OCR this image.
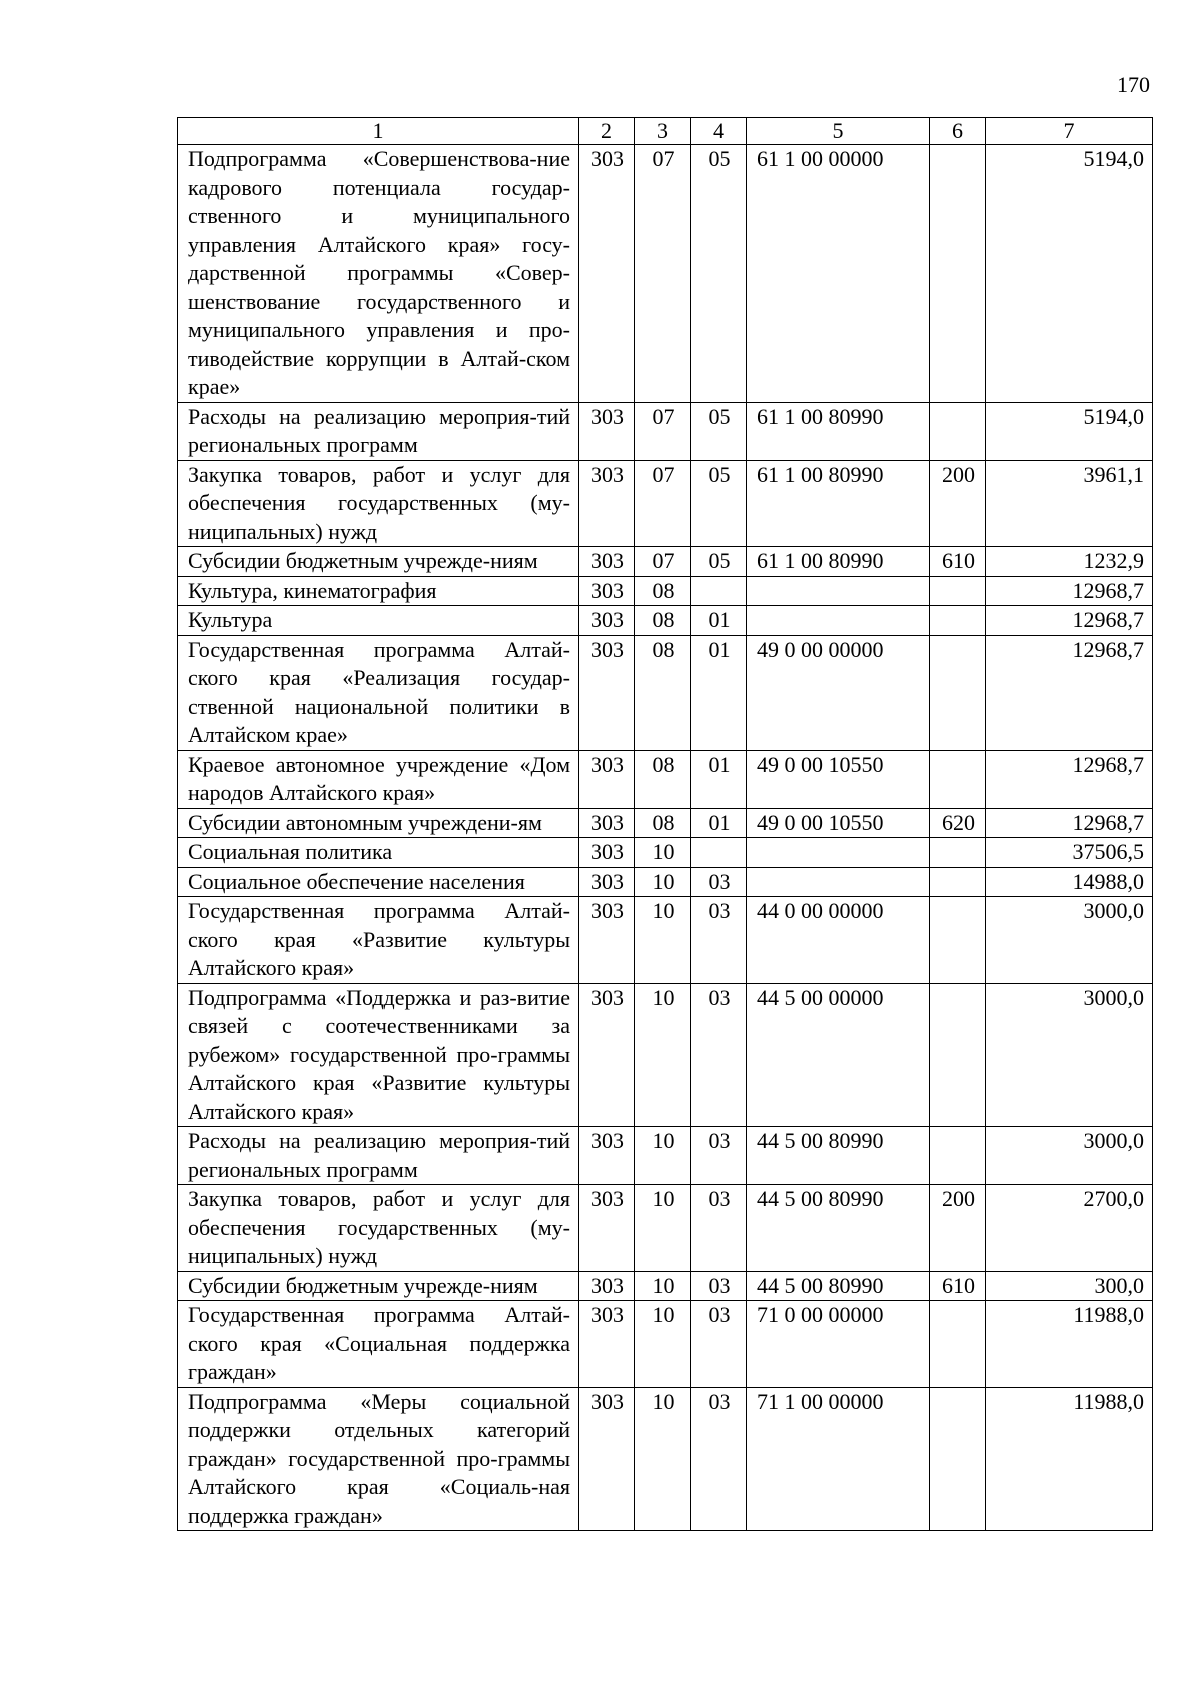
170
1	2	3	4	5	6	7
Подпрограмма «Совершенствова-ние кадрового потенциала государ-ственного и муниципального управления Алтайского края» госу-дарственной программы «Совер-шенствование государственного и муниципального управления и про-тиводействие коррупции в Алтай-ском крае»	303	07	05	61 1 00 00000		5194,0
Расходы на реализацию мероприя-тий региональных программ	303	07	05	61 1 00 80990		5194,0
Закупка товаров, работ и услуг для обеспечения государственных (му-ниципальных) нужд	303	07	05	61 1 00 80990	200	3961,1
Субсидии бюджетным учрежде-ниям	303	07	05	61 1 00 80990	610	1232,9
Культура, кинематография	303	08				12968,7
Культура	303	08	01			12968,7
Государственная программа Алтай-ского края «Реализация государ-ственной национальной политики в Алтайском крае»	303	08	01	49 0 00 00000		12968,7
Краевое автономное учреждение «Дом народов Алтайского края»	303	08	01	49 0 00 10550		12968,7
Субсидии автономным учреждени-ям	303	08	01	49 0 00 10550	620	12968,7
Социальная политика	303	10				37506,5
Социальное обеспечение населения	303	10	03			14988,0
Государственная программа Алтай-ского края «Развитие культуры Алтайского края»	303	10	03	44 0 00 00000		3000,0
Подпрограмма «Поддержка и раз-витие связей с соотечественниками за рубежом» государственной про-граммы Алтайского края «Развитие культуры Алтайского края»	303	10	03	44 5 00 00000		3000,0
Расходы на реализацию мероприя-тий региональных программ	303	10	03	44 5 00 80990		3000,0
Закупка товаров, работ и услуг для обеспечения государственных (му-ниципальных) нужд	303	10	03	44 5 00 80990	200	2700,0
Субсидии бюджетным учрежде-ниям	303	10	03	44 5 00 80990	610	300,0
Государственная программа Алтай-ского края «Социальная поддержка граждан»	303	10	03	71 0 00 00000		11988,0
Подпрограмма «Меры социальной поддержки отдельных категорий граждан» государственной про-граммы Алтайского края «Социаль-ная поддержка граждан»	303	10	03	71 1 00 00000		11988,0
